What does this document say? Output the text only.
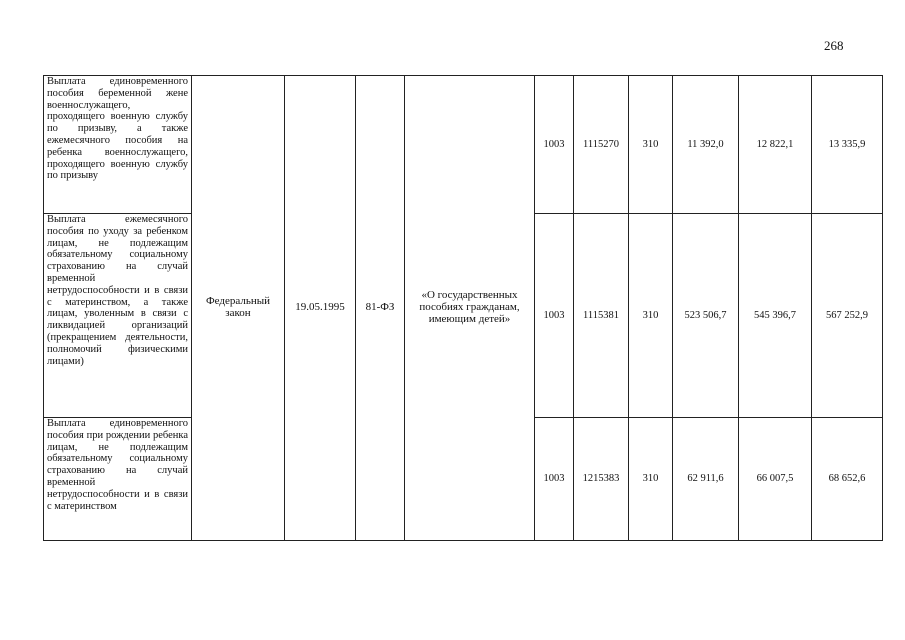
268
Выплата единовременного пособия беременной жене военнослужащего, проходящего военную службу по призыву, а также ежемесячного пособия на ребенка военнослужащего, проходящего военную службу по призыву	Федеральный закон	19.05.1995	81-ФЗ	«О государственных пособиях гражданам, имеющим детей»	1003	1115270	310	11 392,0	12 822,1	13 335,9
Выплата ежемесячного пособия по уходу за ребенком лицам, не подлежащим обязательному социальному страхованию на случай временной нетрудоспособности и в связи с материнством, а также лицам, уволенным в связи с ликвидацией организаций (прекращением деятельности, полномочий физическими лицами)					1003	1115381	310	523 506,7	545 396,7	567 252,9
Выплата единовременного пособия при рождении ребенка лицам, не подлежащим обязательному социальному страхованию на случай временной нетрудоспособности и в связи с материнством					1003	1215383	310	62 911,6	66 007,5	68 652,6
